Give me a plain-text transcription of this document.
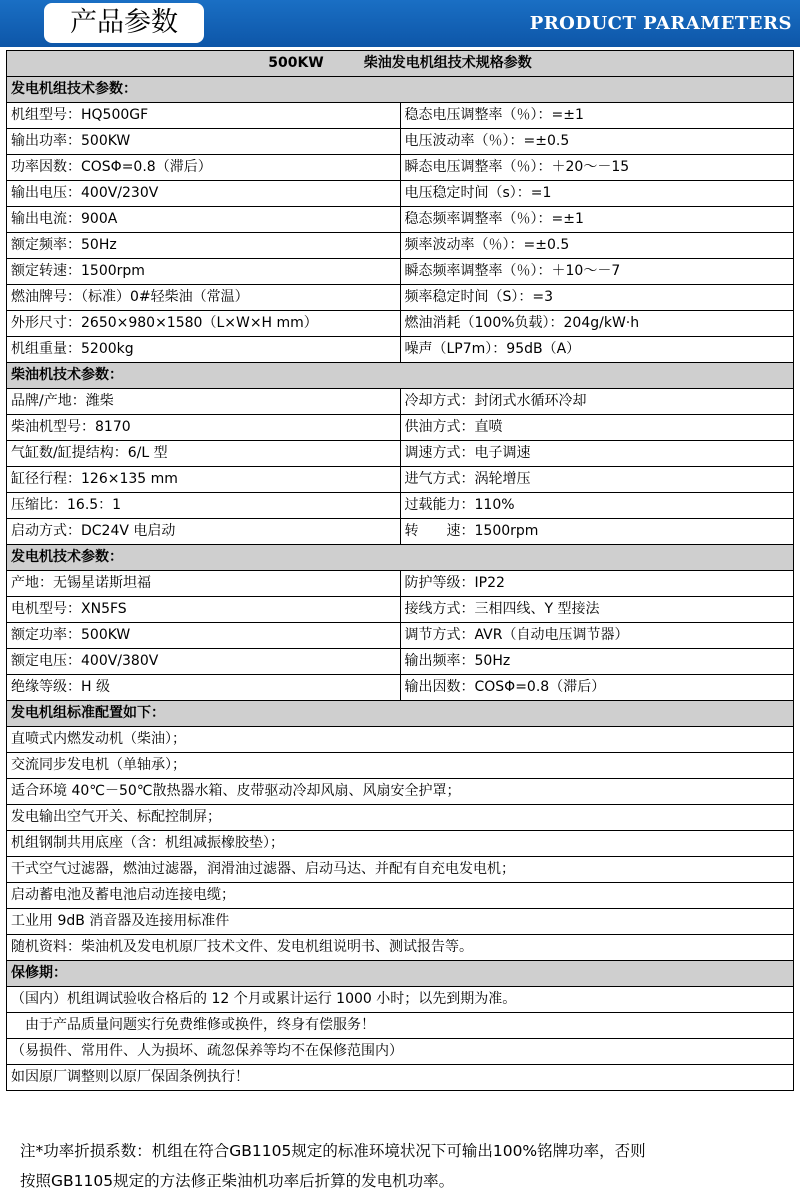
产品参数	PRODUCT PARAMETERS
500KW 柴油发电机组技术规格参数	
发电机组技术参数：	
机组型号：HQ500GF	稳态电压调整率（％）：=±1
输出功率：500KW	电压波动率（％）：=±0.5
功率因数：COSΦ=0.8（滞后）	瞬态电压调整率（％）：＋20～－15
输出电压：400V/230V	电压稳定时间（s）：=1
输出电流：900A	稳态频率调整率（％）：=±1
额定频率：50Hz	频率波动率（％）：=±0.5
额定转速：1500rpm	瞬态频率调整率（％）：＋10～－7
燃油牌号：（标准）0#轻柴油（常温）	频率稳定时间（S）：=3
外形尺寸：2650×980×1580（L×W×H mm）	燃油消耗（100%负载）：204g/kW·h
机组重量：5200kg	噪声（LP7m）：95dB（A）
柴油机技术参数：	
品牌/产地：潍柴	冷却方式：封闭式水循环冷却
柴油机型号：8170	供油方式：直喷
气缸数/缸提结构：6/L 型	调速方式：电子调速
缸径行程：126×135 mm	进气方式：涡轮增压
压缩比：16.5：1	过载能力：110%
启动方式：DC24V 电启动	转　　速：1500rpm
发电机技术参数：	
产地：无锡星诺斯坦福	防护等级：IP22
电机型号：XN5FS	接线方式：三相四线、Y 型接法
额定功率：500KW	调节方式：AVR（自动电压调节器）
额定电压：400V/380V	输出频率：50Hz
绝缘等级：H 级	输出因数：COSΦ=0.8（滞后）
发电机组标准配置如下：	
直喷式内燃发动机（柴油）；	
交流同步发电机（单轴承）；	
适合环境 40℃－50℃散热器水箱、皮带驱动冷却风扇、风扇安全护罩；	
发电输出空气开关、标配控制屏；	
机组钢制共用底座（含：机组减振橡胶垫）；	
干式空气过滤器，燃油过滤器，润滑油过滤器、启动马达、并配有自充电发电机；	
启动蓄电池及蓄电池启动连接电缆；	
工业用 9dB 消音器及连接用标准件	
随机资料：柴油机及发电机原厂技术文件、发电机组说明书、测试报告等。	
保修期：	
（国内）机组调试验收合格后的 12 个月或累计运行 1000 小时；以先到期为准。	
　由于产品质量问题实行免费维修或换件，终身有偿服务！	
（易损件、常用件、人为损坏、疏忽保养等均不在保修范围内）	
如因原厂调整则以原厂保固条例执行！	
注*功率折损系数：机组在符合GB1105规定的标准环境状况下可输出100%铭牌功率，否则
按照GB1105规定的方法修正柴油机功率后折算的发电机功率。
